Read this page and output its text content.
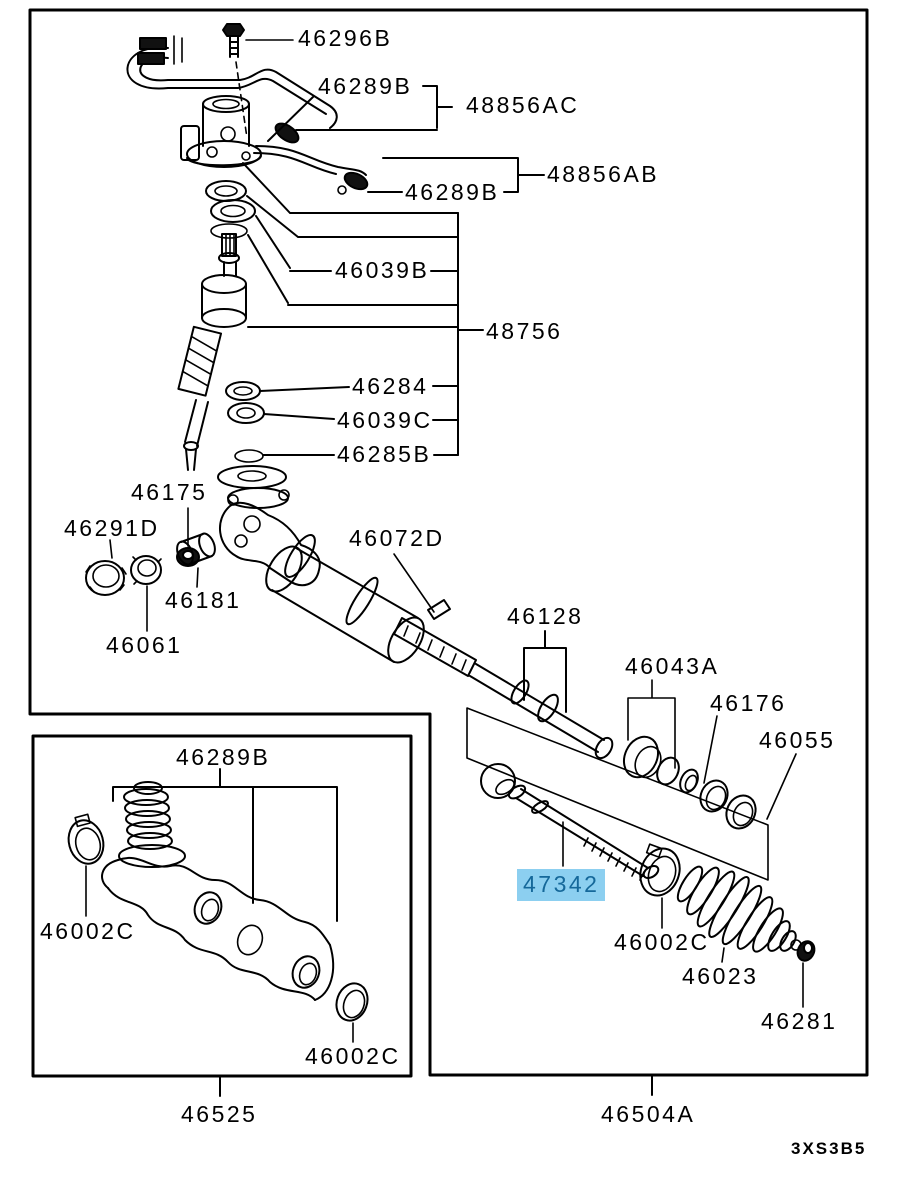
46296B
46289B
48856AC
48856AB
46289B
46039B
48756
46284
46039C
46285B
46175
46291D	46072D
46181
46061
46128
46043A
46176
46055
46289B
46002C
47342
46002C
46023
46281
46002C
46525	46504A
3XS3B5
